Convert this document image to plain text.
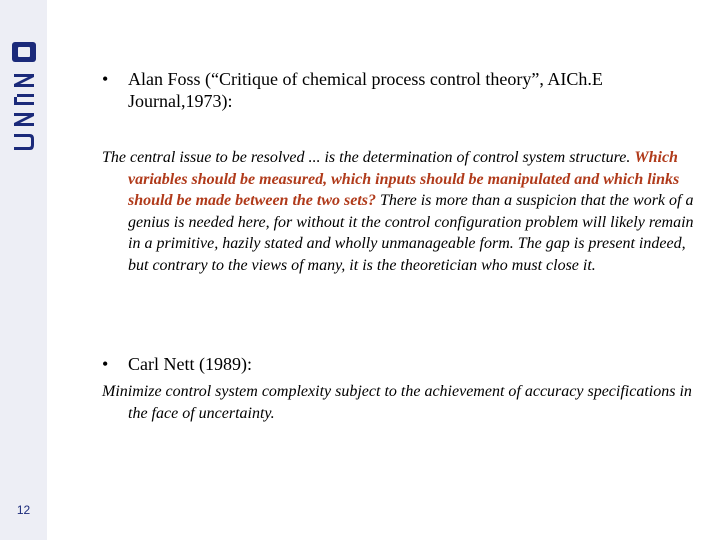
12
• Alan Foss (“Critique of chemical process control theory”, AICh.E Journal,1973):
The central issue to be resolved ... is the determination of control system structure. Which variables should be measured, which inputs should be manipulated and which links should be made between the two sets? There is more than a suspicion that the work of a genius is needed here, for without it the control configuration problem will likely remain in a primitive, hazily stated and wholly unmanageable form. The gap is present indeed, but contrary to the views of many, it is the theoretician who must close it.
• Carl Nett (1989):
Minimize control system complexity subject to the achievement of accuracy specifications in the face of uncertainty.
